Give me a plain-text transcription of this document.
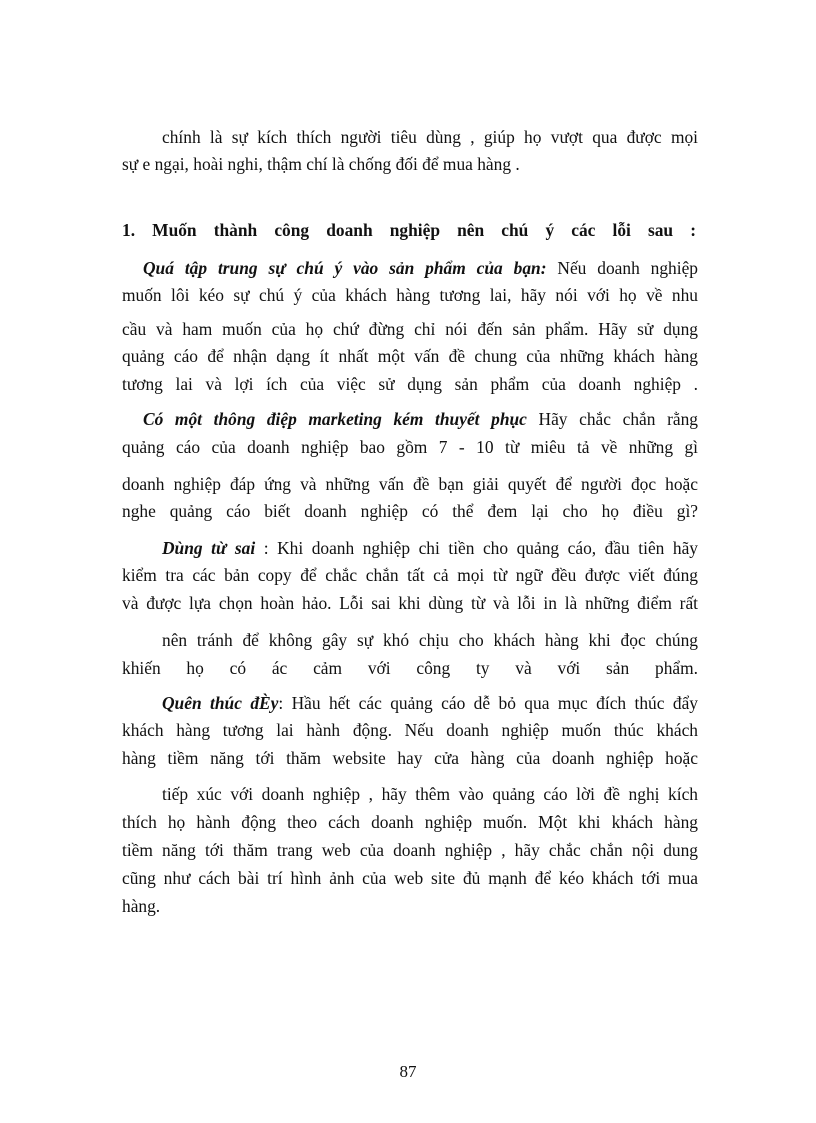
chính là sự kích thích người tiêu dùng , giúp họ vượt qua được mọi
sự e ngại, hoài nghi, thậm chí là chống đối để mua hàng .
1. Muốn thành công doanh nghiệp nên chú ý các lỗi sau :
Quá tập trung sự chú ý vào sản phẩm của bạn: Nếu doanh nghiệp
muốn lôi kéo sự chú ý của khách hàng tương lai, hãy nói với họ về nhu
cầu và ham muốn của họ chứ đừng chỉ nói đến sản phẩm. Hãy sử dụng
quảng cáo để nhận dạng ít nhất một vấn đề chung của những khách hàng
tương lai và lợi ích của việc sử dụng sản phẩm của doanh nghiệp .
Có một thông điệp marketing kém thuyết phục Hãy chắc chắn rằng
quảng cáo của doanh nghiệp bao gồm 7 - 10 từ miêu tả về những gì
doanh nghiệp đáp ứng và những vấn đề bạn giải quyết để người đọc hoặc
nghe quảng cáo biết doanh nghiệp có thể đem lại cho họ điều gì?
Dùng từ sai : Khi doanh nghiệp chi tiền cho quảng cáo, đầu tiên hãy
kiểm tra các bản copy để chắc chắn tất cả mọi từ ngữ đều được viết đúng
và được lựa chọn hoàn hảo. Lỗi sai khi dùng từ và lỗi in là những điểm rất
nên tránh để không gây sự khó chịu cho khách hàng khi đọc chúng
khiến họ có ác cảm với công ty và với sản phẩm.
Quên thúc đÈy: Hầu hết các quảng cáo dễ bỏ qua mục đích thúc đẩy
khách hàng tương lai hành động. Nếu doanh nghiệp muốn thúc khách
hàng tiềm năng tới thăm website hay cửa hàng của doanh nghiệp hoặc
tiếp xúc với doanh nghiệp , hãy thêm vào quảng cáo lời đề nghị kích
thích họ hành động theo cách doanh nghiệp muốn. Một khi khách hàng
tiềm năng tới thăm trang web của doanh nghiệp , hãy chắc chắn nội dung
cũng như cách bài trí hình ảnh của web site đủ mạnh để kéo khách tới mua
hàng.
87
